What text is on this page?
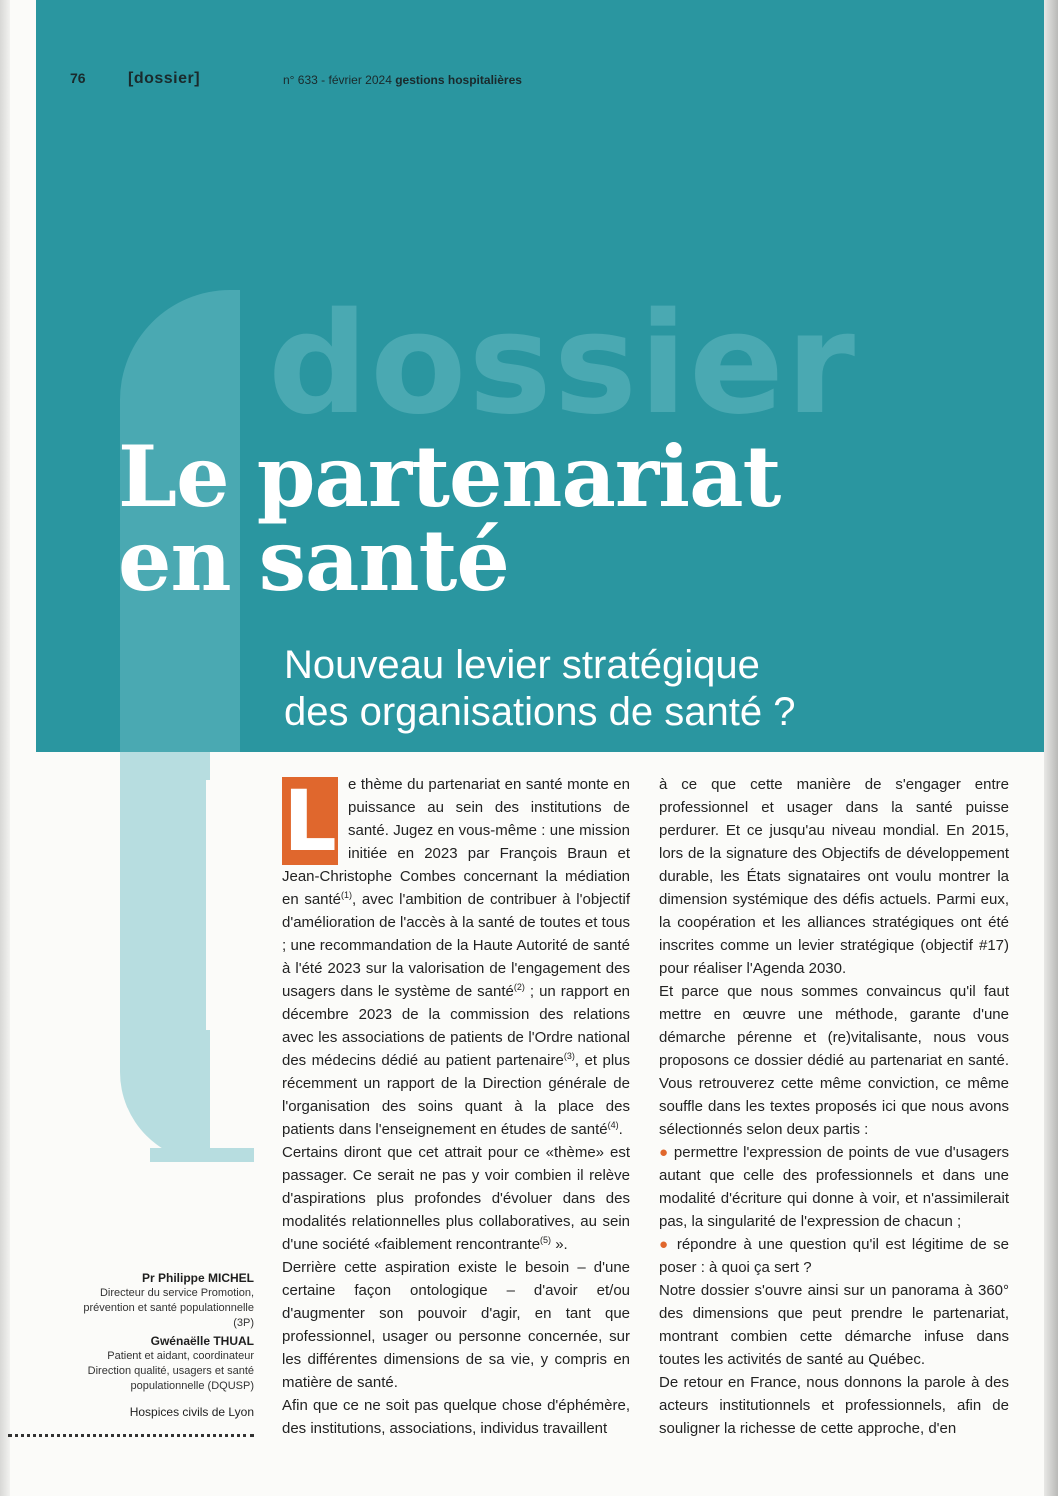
dossier
76	[dossier]	n° 633 - février 2024 gestions hospitalières
Le partenariat
en santé
Nouveau levier stratégique
des organisations de santé ?

L e thème du partenariat en santé monte en puissance au sein des institutions de santé. Jugez en vous-même : une mission initiée en 2023 par François Braun et Jean-Christophe Combes concernant la médiation en santé$^{(1)}$, avec l'ambition de contribuer à l'objectif d'amélioration de l'accès à la santé de toutes et tous ; une recommandation de la Haute Autorité de santé à l'été 2023 sur la valorisation de l'engagement des usagers dans le système de santé$^{(2)}$ ; un rapport en décembre 2023 de la commission des relations avec les associations de patients de l'Ordre national des médecins dédié au patient partenaire$^{(3)}$, et plus récemment un rapport de la Direction générale de l'organisation des soins quant à la place des patients dans l'enseignement en études de santé$^{(4)}$.

Certains diront que cet attrait pour ce «thème» est passager. Ce serait ne pas y voir combien il relève d'aspirations plus profondes d'évoluer dans des modalités relationnelles plus collaboratives, au sein d'une société «faiblement rencontrante$^{(5)}$ ».

Derrière cette aspiration existe le besoin – d'une certaine façon ontologique – d'avoir et/ou d'augmenter son pouvoir d'agir, en tant que professionnel, usager ou personne concernée, sur les différentes dimensions de sa vie, y compris en matière de santé.

Afin que ce ne soit pas quelque chose d'éphémère, des institutions, associations, individus travaillent

à ce que cette manière de s'engager entre professionnel et usager dans la santé puisse perdurer. Et ce jusqu'au niveau mondial. En 2015, lors de la signature des Objectifs de développement durable, les États signataires ont voulu montrer la dimension systémique des défis actuels. Parmi eux, la coopération et les alliances stratégiques ont été inscrites comme un levier stratégique (objectif #17) pour réaliser l'Agenda 2030.

Et parce que nous sommes convaincus qu'il faut mettre en œuvre une méthode, garante d'une démarche pérenne et (re)vitalisante, nous vous proposons ce dossier dédié au partenariat en santé. Vous retrouverez cette même conviction, ce même souffle dans les textes proposés ici que nous avons sélectionnés selon deux partis :

● permettre l'expression de points de vue d'usagers autant que celle des professionnels et dans une modalité d'écriture qui donne à voir, et n'assimilerait pas, la singularité de l'expression de chacun ;

● répondre à une question qu'il est légitime de se poser : à quoi ça sert ?

Notre dossier s'ouvre ainsi sur un panorama à 360° des dimensions que peut prendre le partenariat, montrant combien cette démarche infuse dans toutes les activités de santé au Québec.

De retour en France, nous donnons la parole à des acteurs institutionnels et professionnels, afin de souligner la richesse de cette approche, d'en

Pr Philippe MICHEL
Directeur du service Promotion, prévention et santé populationnelle (3P)
Gwénaëlle THUAL
Patient et aidant, coordinateur Direction qualité, usagers et santé populationnelle (DQUSP)
Hospices civils de Lyon
